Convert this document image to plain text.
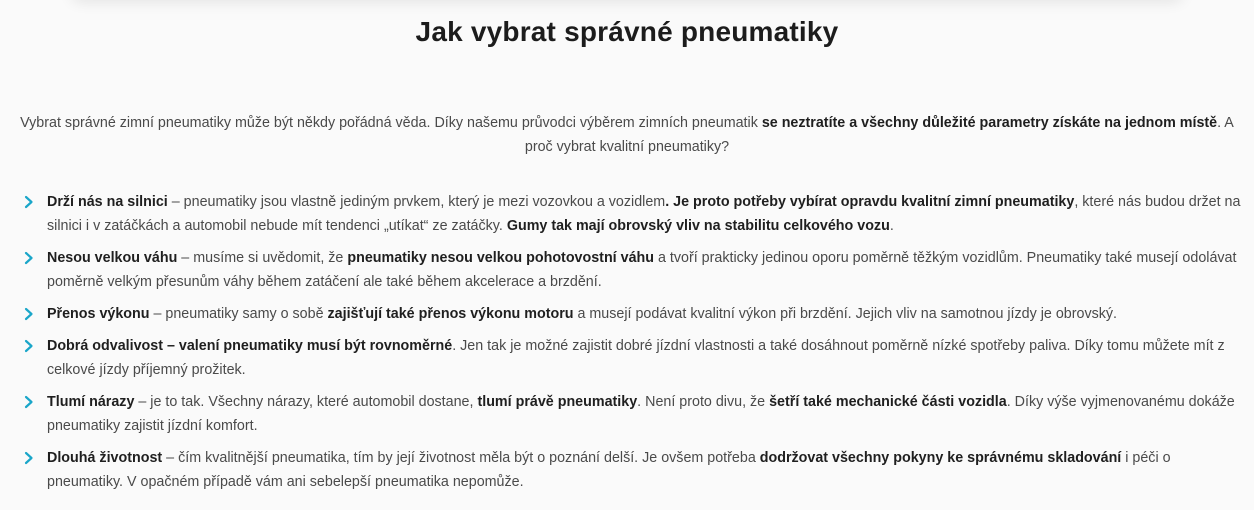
Jak vybrat správné pneumatiky

Vybrat správné zimní pneumatiky může být někdy pořádná věda. Díky našemu průvodci výběrem zimních pneumatik se neztratíte a všechny důležité parametry získáte na jednom místě. A proč vybrat kvalitní pneumatiky?

Drží nás na silnici – pneumatiky jsou vlastně jediným prvkem, který je mezi vozovkou a vozidlem. Je proto potřeby vybírat opravdu kvalitní zimní pneumatiky, které nás budou držet na silnici i v zatáčkách a automobil nebude mít tendenci „utíkat“ ze zatáčky. Gumy tak mají obrovský vliv na stabilitu celkového vozu.
Nesou velkou váhu – musíme si uvědomit, že pneumatiky nesou velkou pohotovostní váhu a tvoří prakticky jedinou oporu poměrně těžkým vozidlům. Pneumatiky také musejí odolávat poměrně velkým přesunům váhy během zatáčení ale také během akcelerace a brzdění.
Přenos výkonu – pneumatiky samy o sobě zajišťují také přenos výkonu motoru a musejí podávat kvalitní výkon při brzdění. Jejich vliv na samotnou jízdy je obrovský.
Dobrá odvalivost – valení pneumatiky musí být rovnoměrné. Jen tak je možné zajistit dobré jízdní vlastnosti a také dosáhnout poměrně nízké spotřeby paliva. Díky tomu můžete mít z celkové jízdy příjemný prožitek.
Tlumí nárazy – je to tak. Všechny nárazy, které automobil dostane, tlumí právě pneumatiky. Není proto divu, že šetří také mechanické části vozidla. Díky výše vyjmenovanému dokáže pneumatiky zajistit jízdní komfort.
Dlouhá životnost – čím kvalitnější pneumatika, tím by její životnost měla být o poznání delší. Je ovšem potřeba dodržovat všechny pokyny ke správnému skladování i péči o pneumatiky. V opačném případě vám ani sebelepší pneumatika nepomůže.
